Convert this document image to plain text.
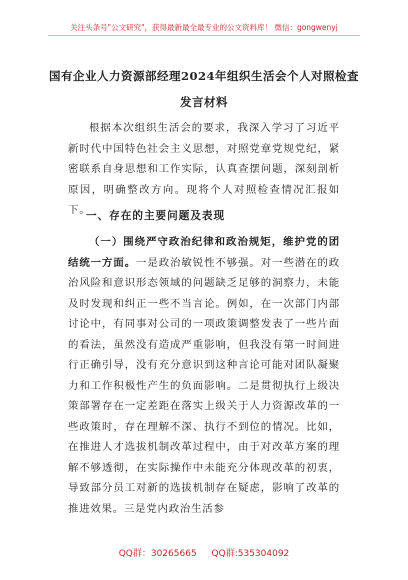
关注头条号"公文研究"，获得最新最全最专业的公文资料库！ 微信：gongwenyj
国有企业人力资源部经理2024年组织生活会个人对照检查
发言材料

根据本次组织生活会的要求，我深入学习了习近平新时代中国特色社会主义思想，对照党章党规党纪，紧密联系自身思想和工作实际，认真查摆问题，深刻剖析原因，明确整改方向。现将个人对照检查情况汇报如下。

一、存在的主要问题及表现

（一）围绕严守政治纪律和政治规矩，维护党的团结统一方面。一是政治敏锐性不够强。对一些潜在的政治风险和意识形态领域的问题缺乏足够的洞察力，未能及时发现和纠正一些不当言论。例如，在一次部门内部讨论中，有同事对公司的一项政策调整发表了一些片面的看法，虽然没有造成严重影响，但我没有第一时间进行正确引导，没有充分意识到这种言论可能对团队凝聚力和工作积极性产生的负面影响。二是贯彻执行上级决策部署存在一定差距在落实上级关于人力资源改革的一些政策时，存在理解不深、执行不到位的情况。比如，在推进人才选拔机制改革过程中，由于对改革方案的理解不够透彻，在实际操作中未能充分体现改革的初衷，导致部分员工对新的选拔机制存在疑虑，影响了改革的推进效果。三是党内政治生活参

QQ群：30265665 QQ群:535304092
